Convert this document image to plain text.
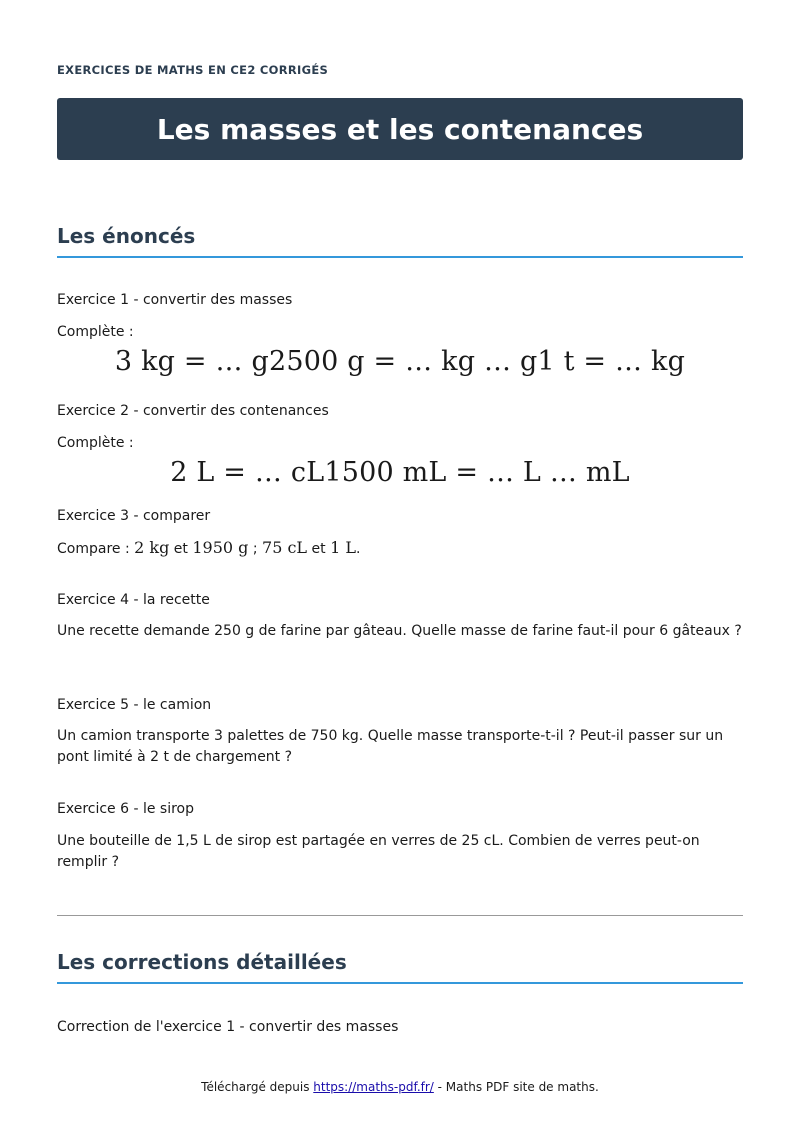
EXERCICES DE MATHS EN CE2 CORRIGÉS
Les masses et les contenances
Les énoncés
Exercice 1 - convertir des masses
Complète :
3 kg = … g2500 g = … kg … g1 t = … kg
Exercice 2 - convertir des contenances
Complète :
2 L = … cL1500 mL = … L … mL
Exercice 3 - comparer
Compare : 2 kg et 1950 g ; 75 cL et 1 L.
Exercice 4 - la recette
Une recette demande 250 g de farine par gâteau. Quelle masse de farine faut-il pour 6 gâteaux ?
Exercice 5 - le camion
Un camion transporte 3 palettes de 750 kg. Quelle masse transporte-t-il ? Peut-il passer sur un pont limité à 2 t de chargement ?
Exercice 6 - le sirop
Une bouteille de 1,5 L de sirop est partagée en verres de 25 cL. Combien de verres peut-on remplir ?
Les corrections détaillées
Correction de l'exercice 1 - convertir des masses
Téléchargé depuis https://maths-pdf.fr/ - Maths PDF site de maths.
